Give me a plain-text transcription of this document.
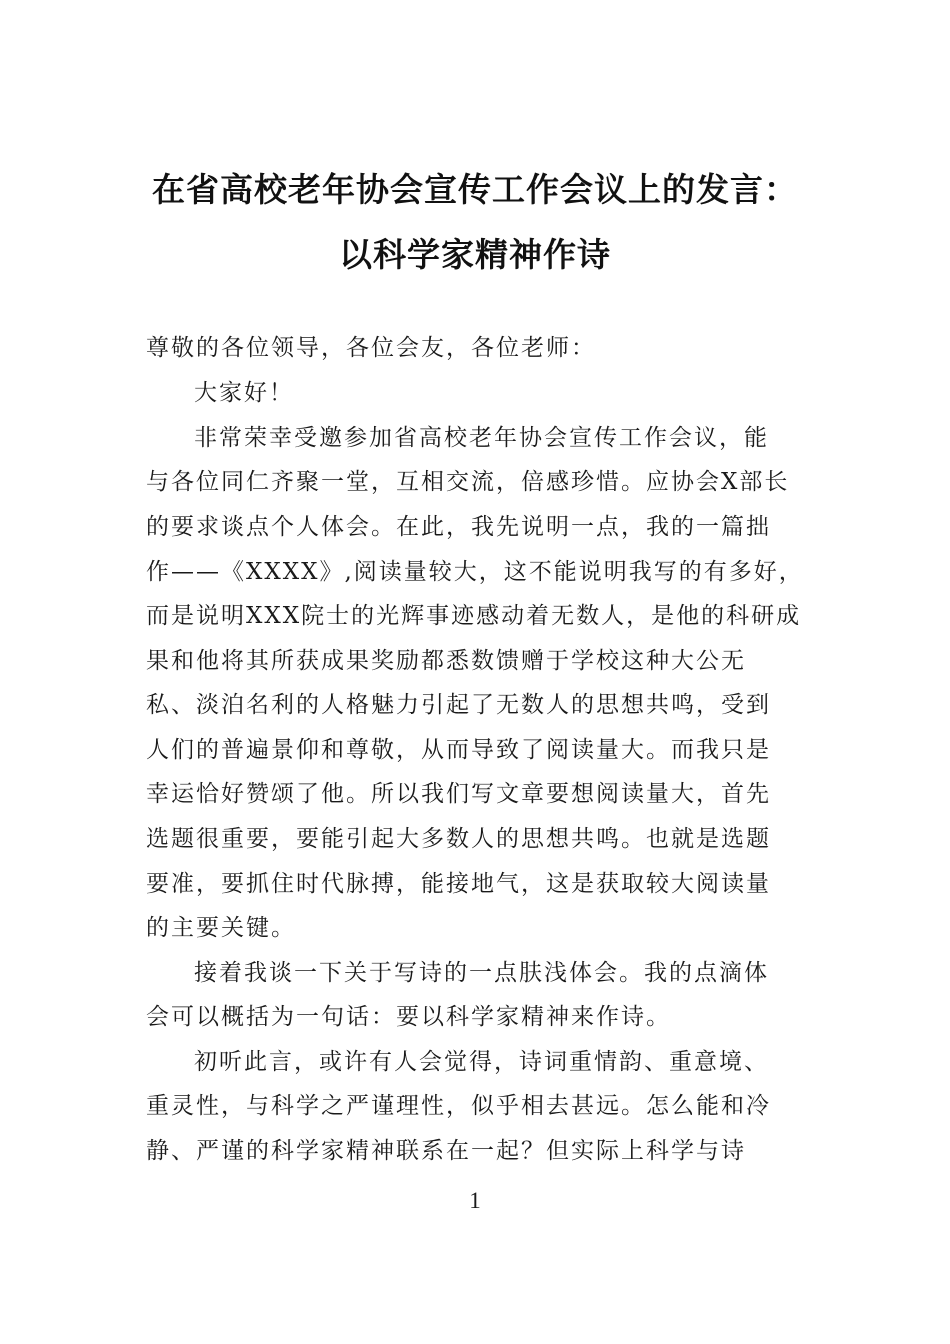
在省高校老年协会宣传工作会议上的发言：
以科学家精神作诗
尊敬的各位领导，各位会友，各位老师：
大家好！
非常荣幸受邀参加省高校老年协会宣传工作会议，能
与各位同仁齐聚一堂，互相交流，倍感珍惜。应协会X部长
的要求谈点个人体会。在此，我先说明一点，我的一篇拙
作——《XXXX》,阅读量较大，这不能说明我写的有多好，
而是说明XXX院士的光辉事迹感动着无数人，是他的科研成
果和他将其所获成果奖励都悉数馈赠于学校这种大公无
私、淡泊名利的人格魅力引起了无数人的思想共鸣，受到
人们的普遍景仰和尊敬，从而导致了阅读量大。而我只是
幸运恰好赞颂了他。所以我们写文章要想阅读量大，首先
选题很重要，要能引起大多数人的思想共鸣。也就是选题
要准，要抓住时代脉搏，能接地气，这是获取较大阅读量
的主要关键。
接着我谈一下关于写诗的一点肤浅体会。我的点滴体
会可以概括为一句话：要以科学家精神来作诗。
初听此言，或许有人会觉得，诗词重情韵、重意境、
重灵性，与科学之严谨理性，似乎相去甚远。怎么能和冷
静、严谨的科学家精神联系在一起？但实际上科学与诗
1
